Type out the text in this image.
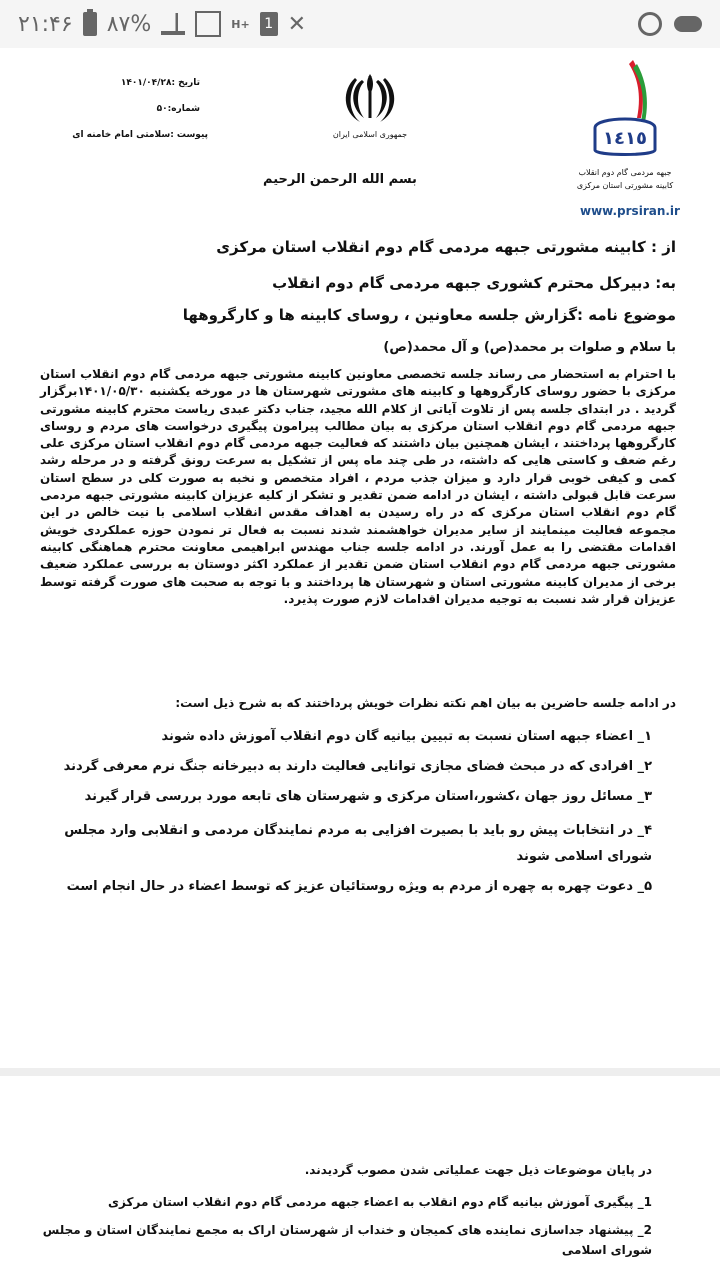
۲۱:۴۶ ۸۷%	H+	1 ✕
تاریخ :۱۴۰۱/۰۴/۲۸
شماره:۵۰
پیوست :سلامتی امام خامنه ای	جمهوری اسلامی ایران	١٤١٥
جبهه مردمی گام دوم انقلاب
کابینه مشورتی استان مرکزی
www.prsiran.ir
بسم الله الرحمن الرحیم
از : کابینه مشورتی جبهه مردمی گام دوم انقلاب استان مرکزی
به: دبیرکل محترم کشوری جبهه مردمی گام دوم انقلاب
موضوع نامه :گزارش جلسه معاونین ، روسای کابینه ها و کارگروهها
با سلام و صلوات بر محمد(ص) و آل محمد(ص)
با احترام به استحضار می رساند جلسه تخصصی معاونین کابینه مشورتی جبهه مردمی گام دوم انقلاب استان مرکزی با حضور روسای کارگروهها و کابینه های مشورتی شهرستان ها در مورخه یکشنبه ۱۴۰۱/۰۵/۳۰برگزار گردید . در ابتدای جلسه پس از تلاوت آیاتی از کلام الله مجید، جناب دکتر عبدی ریاست محترم کابینه مشورتی جبهه مردمی گام دوم انقلاب استان مرکزی به بیان مطالب پیرامون پیگیری درخواست های مردم و روسای کارگروهها پرداختند ، ایشان همچنین بیان داشتند که فعالیت جبهه مردمی گام دوم انقلاب استان مرکزی علی رغم ضعف و کاستی هایی که داشته، در طی چند ماه پس از تشکیل به سرعت رونق گرفته و در مرحله رشد کمی و کیفی خوبی قرار دارد و میزان جذب مردم ، افراد متخصص و نخبه به صورت کلی در سطح استان سرعت قابل قبولی داشته ، ایشان در ادامه ضمن تقدیر و تشکر از کلیه عزیزان کابینه مشورتی جبهه مردمی گام دوم انقلاب استان مرکزی که در راه رسیدن به اهداف مقدس انقلاب اسلامی با نیت خالص در این مجموعه فعالیت مینمایند از سایر مدیران خواهشمند شدند نسبت به فعال تر نمودن حوزه عملکردی خویش اقدامات مقتضی را به عمل آورند. در ادامه جلسه جناب مهندس ابراهیمی معاونت محترم هماهنگی کابینه مشورتی جبهه مردمی گام دوم انقلاب استان ضمن تقدیر از عملکرد اکثر دوستان به بررسی عملکرد ضعیف برخی از مدیران کابینه مشورتی استان و شهرستان ها پرداختند و با توجه به صحبت های صورت گرفته توسط عزیزان قرار شد نسبت به توجیه مدیران اقدامات لازم صورت پذیرد.
در ادامه جلسه حاضرین به بیان اهم نکته نظرات خویش پرداختند که به شرح ذیل است:
۱_ اعضاء جبهه استان نسبت به تبیین بیانیه گان دوم انقلاب آموزش داده شوند
۲_ افرادی که در مبحث فضای مجازی توانایی فعالیت دارند به دبیرخانه جنگ نرم معرفی گردند
۳_ مسائل روز جهان ،کشور،استان مرکزی و شهرستان های تابعه مورد بررسی قرار گیرند
۴_ در انتخابات پیش رو باید با بصیرت افزایی به مردم نمایندگان مردمی و انقلابی وارد مجلس شورای اسلامی شوند
۵_ دعوت چهره به چهره از مردم به ویژه روستائیان عزیز که توسط اعضاء در حال انجام است
در پایان موضوعات ذیل جهت عملیاتی شدن مصوب گردیدند.
1_ پیگیری آموزش بیانیه گام دوم انقلاب به اعضاء جبهه مردمی گام دوم انقلاب استان مرکزی
2_ پیشنهاد جداسازی نماینده های کمیجان و خنداب از شهرستان اراک به مجمع نمایندگان استان و مجلس شورای اسلامی
